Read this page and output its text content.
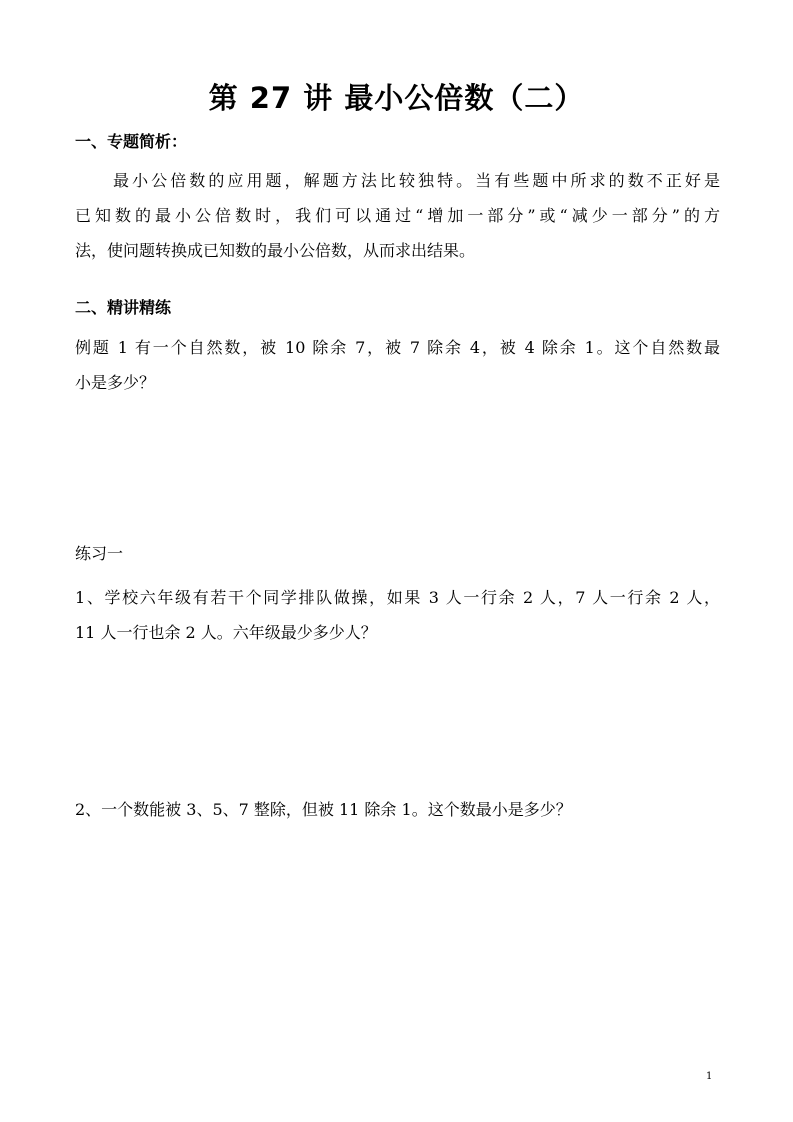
第 27 讲 最小公倍数（二）
一、专题简析：
最小公倍数的应用题，解题方法比较独特。当有些题中所求的数不正好是
已知数的最小公倍数时，我们可以通过“增加一部分”或“减少一部分”的方
法，使问题转换成已知数的最小公倍数，从而求出结果。
二、精讲精练
例题 1 有一个自然数，被 10 除余 7，被 7 除余 4，被 4 除余 1。这个自然数最
小是多少？
练习一
1、学校六年级有若干个同学排队做操，如果 3 人一行余 2 人，7 人一行余 2 人，
11 人一行也余 2 人。六年级最少多少人？
2、一个数能被 3、5、7 整除，但被 11 除余 1。这个数最小是多少？
1
